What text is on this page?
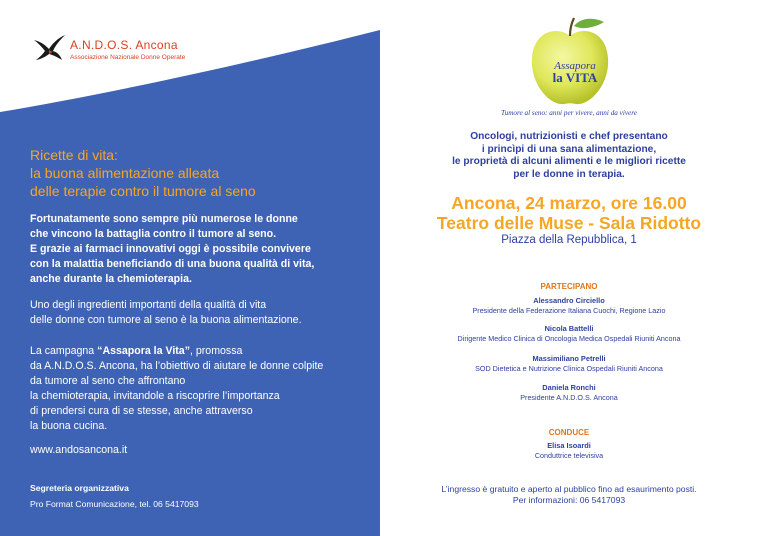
A.N.D.O.S. Ancona
Associazione Nazionale Donne Operate
Ricette di vita:
la buona alimentazione alleata
delle terapie contro il tumore al seno
Fortunatamente sono sempre più numerose le donne
che vincono la battaglia contro il tumore al seno.
E grazie ai farmaci innovativi oggi è possibile convivere
con la malattia beneficiando di una buona qualità di vita,
anche durante la chemioterapia.
Uno degli ingredienti importanti della qualità di vita
delle donne con tumore al seno è la buona alimentazione.
La campagna “Assapora la Vita”, promossa
da A.N.D.O.S. Ancona, ha l’obiettivo di aiutare le donne colpite
da tumore al seno che affrontano
la chemioterapia, invitandole a riscoprire l’importanza
di prendersi cura di se stesse, anche attraverso
la buona cucina.
www.andosancona.it
Segreteria organizzativa
Pro Format Comunicazione, tel. 06 5417093
Assapora
la VITA
Tumore al seno: anni per vivere, anni da vivere
Oncologi, nutrizionisti e chef presentano
i princìpi di una sana alimentazione,
le proprietà di alcuni alimenti e le migliori ricette
per le donne in terapia.
Ancona, 24 marzo, ore 16.00
Teatro delle Muse - Sala Ridotto
Piazza della Repubblica, 1
PARTECIPANO
Alessandro Circiello
Presidente della Federazione Italiana Cuochi, Regione Lazio
Nicola Battelli
Dirigente Medico Clinica di Oncologia Medica Ospedali Riuniti Ancona
Massimiliano Petrelli
SOD Dietetica e Nutrizione Clinica Ospedali Riuniti Ancona
Daniela Ronchi
Presidente A.N.D.O.S. Ancona
CONDUCE
Elisa Isoardi
Conduttrice televisiva
L’ingresso è gratuito e aperto al pubblico fino ad esaurimento posti.
Per informazioni: 06 5417093
